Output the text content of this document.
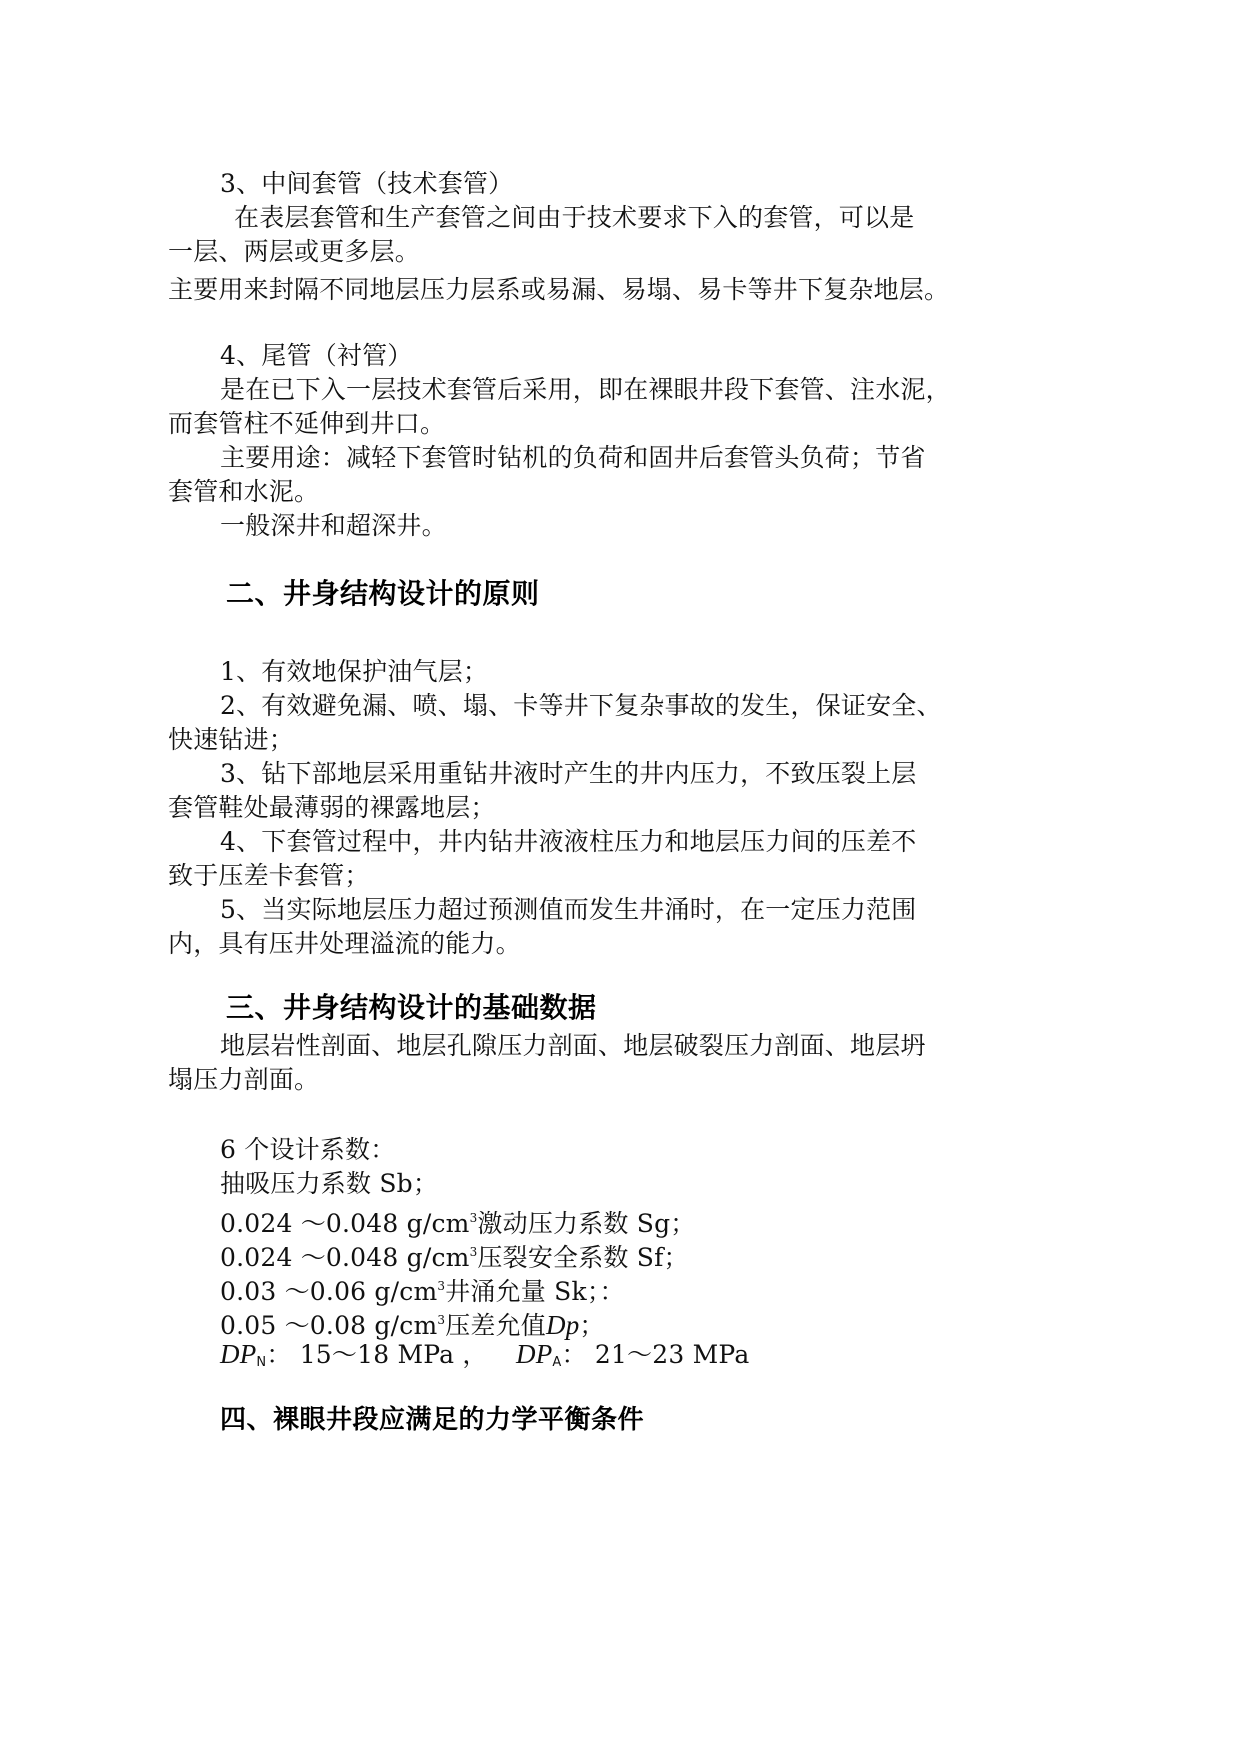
3、中间套管（技术套管）
在表层套管和生产套管之间由于技术要求下入的套管，可以是
一层、两层或更多层。
主要用来封隔不同地层压力层系或易漏、易塌、易卡等井下复杂地层。
4、尾管（衬管）
是在已下入一层技术套管后采用，即在裸眼井段下套管、注水泥，
而套管柱不延伸到井口。
主要用途：减轻下套管时钻机的负荷和固井后套管头负荷；节省
套管和水泥。
一般深井和超深井。
二、井身结构设计的原则
1、有效地保护油气层；
2、有效避免漏、喷、塌、卡等井下复杂事故的发生，保证安全、
快速钻进；
3、钻下部地层采用重钻井液时产生的井内压力，不致压裂上层
套管鞋处最薄弱的裸露地层；
4、下套管过程中，井内钻井液液柱压力和地层压力间的压差不
致于压差卡套管；
5、当实际地层压力超过预测值而发生井涌时，在一定压力范围
内，具有压井处理溢流的能力。
三、井身结构设计的基础数据
地层岩性剖面、地层孔隙压力剖面、地层破裂压力剖面、地层坍
塌压力剖面。
6 个设计系数：
抽吸压力系数 Sb；
0.024 ～0.048 $g/cm^3$激动压力系数 Sg；
0.024 ～0.048 $g/cm^3$压裂安全系数 Sf；
0.03 ～0.06 $g/cm^3$井涌允量 Sk；：
0.05 ～0.08 $g/cm^3$压差允值Dp；
$DP_N$： 15～18 MPa ， $DP_A$： 21～23 MPa
四、裸眼井段应满足的力学平衡条件
